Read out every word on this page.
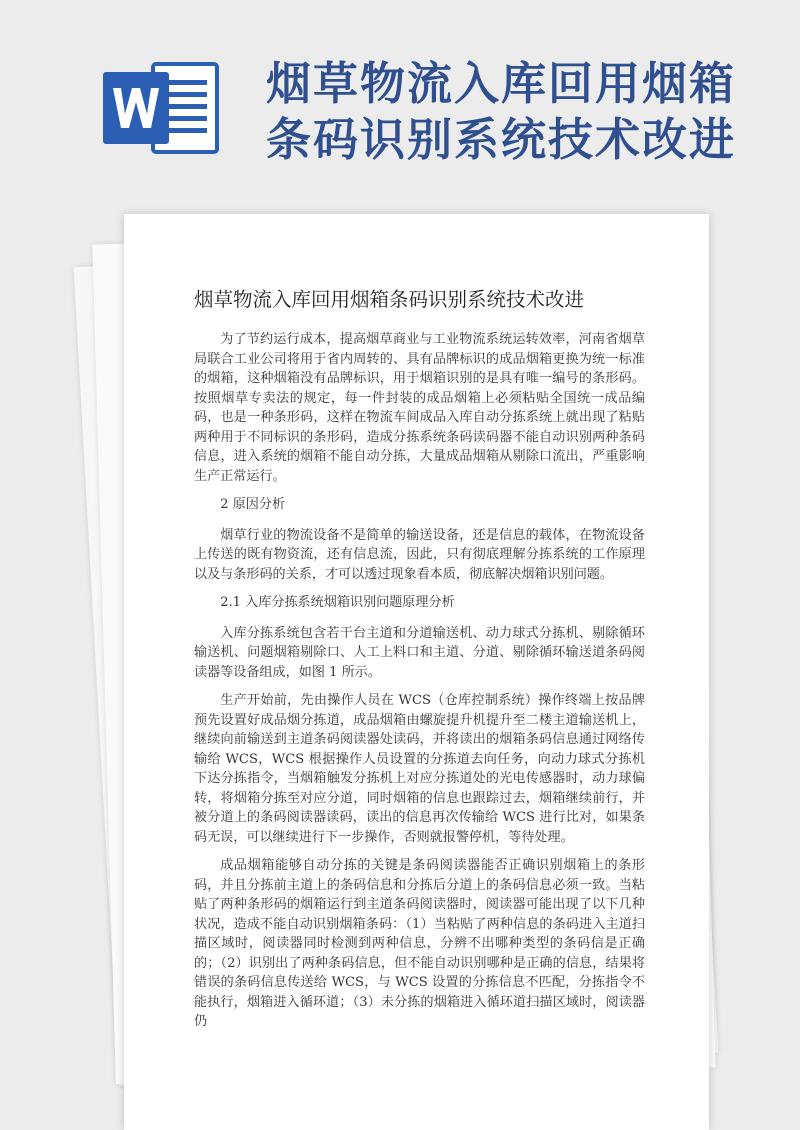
烟草物流入库回用烟箱
条码识别系统技术改进
烟草物流入库回用烟箱条码识别系统技术改进

为了节约运行成本，提高烟草商业与工业物流系统运转效率，河南省烟草局联合工业公司将用于省内周转的、具有品牌标识的成品烟箱更换为统一标准的烟箱，这种烟箱没有品牌标识，用于烟箱识别的是具有唯一编号的条形码。按照烟草专卖法的规定，每一件封装的成品烟箱上必须粘贴全国统一成品编码，也是一种条形码，这样在物流车间成品入库自动分拣系统上就出现了粘贴两种用于不同标识的条形码，造成分拣系统条码读码器不能自动识别两种条码信息，进入系统的烟箱不能自动分拣，大量成品烟箱从剔除口流出，严重影响生产正常运行。

2 原因分析

烟草行业的物流设备不是简单的输送设备，还是信息的载体，在物流设备上传送的既有物资流，还有信息流，因此，只有彻底理解分拣系统的工作原理以及与条形码的关系，才可以透过现象看本质，彻底解决烟箱识别问题。

2.1 入库分拣系统烟箱识别问题原理分析

入库分拣系统包含若干台主道和分道输送机、动力球式分拣机、剔除循环输送机、问题烟箱剔除口、人工上料口和主道、分道、剔除循环输送道条码阅读器等设备组成，如图 1 所示。

生产开始前，先由操作人员在 WCS（仓库控制系统）操作终端上按品牌预先设置好成品烟分拣道，成品烟箱由螺旋提升机提升至二楼主道输送机上，继续向前输送到主道条码阅读器处读码，并将读出的烟箱条码信息通过网络传输给 WCS，WCS 根据操作人员设置的分拣道去向任务，向动力球式分拣机下达分拣指令，当烟箱触发分拣机上对应分拣道处的光电传感器时，动力球偏转，将烟箱分拣至对应分道，同时烟箱的信息也跟踪过去，烟箱继续前行，并被分道上的条码阅读器读码，读出的信息再次传输给 WCS 进行比对，如果条码无误，可以继续进行下一步操作，否则就报警停机，等待处理。

成品烟箱能够自动分拣的关键是条码阅读器能否正确识别烟箱上的条形码，并且分拣前主道上的条码信息和分拣后分道上的条码信息必须一致。当粘贴了两种条形码的烟箱运行到主道条码阅读器时，阅读器可能出现了以下几种状况，造成不能自动识别烟箱条码：（1）当粘贴了两种信息的条码进入主道扫描区域时，阅读器同时检测到两种信息，分辨不出哪种类型的条码信是正确的；（2）识别出了两种条码信息，但不能自动识别哪种是正确的信息，结果将错误的条码信息传送给 WCS，与 WCS 设置的分拣信息不匹配，分拣指令不能执行，烟箱进入循环道；（3）未分拣的烟箱进入循环道扫描区域时，阅读器仍
